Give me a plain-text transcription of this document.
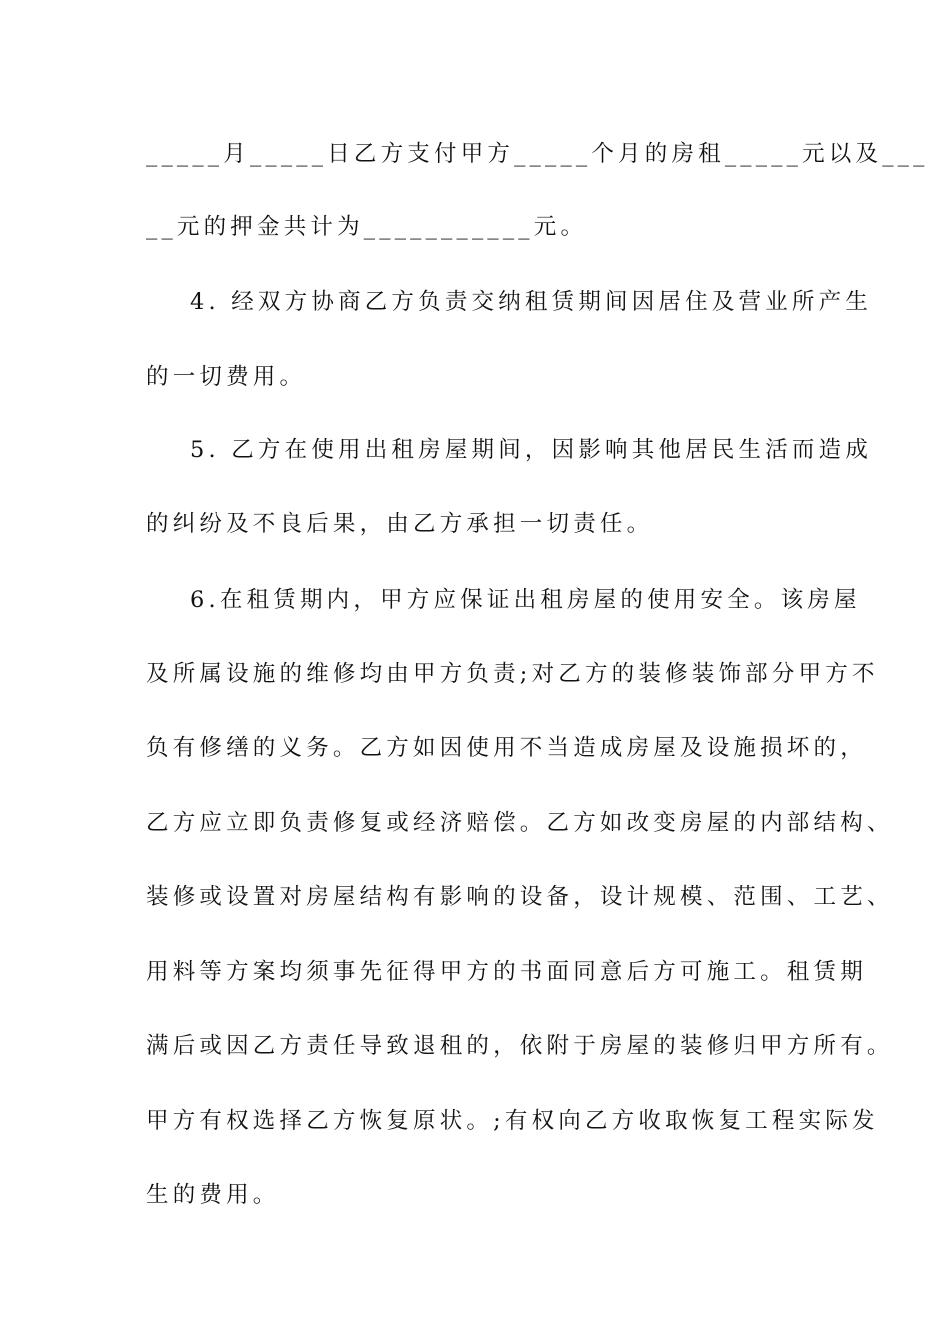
_____月_____日乙方支付甲方_____个月的房租_____元以及___
__元的押金共计为___________元。
4. 经双方协商乙方负责交纳租赁期间因居住及营业所产生
的一切费用。
5. 乙方在使用出租房屋期间，因影响其他居民生活而造成
的纠纷及不良后果，由乙方承担一切责任。
6.在租赁期内，甲方应保证出租房屋的使用安全。该房屋
及所属设施的维修均由甲方负责;对乙方的装修装饰部分甲方不
负有修缮的义务。乙方如因使用不当造成房屋及设施损坏的，
乙方应立即负责修复或经济赔偿。乙方如改变房屋的内部结构、
装修或设置对房屋结构有影响的设备，设计规模、范围、工艺、
用料等方案均须事先征得甲方的书面同意后方可施工。租赁期
满后或因乙方责任导致退租的，依附于房屋的装修归甲方所有。
甲方有权选择乙方恢复原状。;有权向乙方收取恢复工程实际发
生的费用。
